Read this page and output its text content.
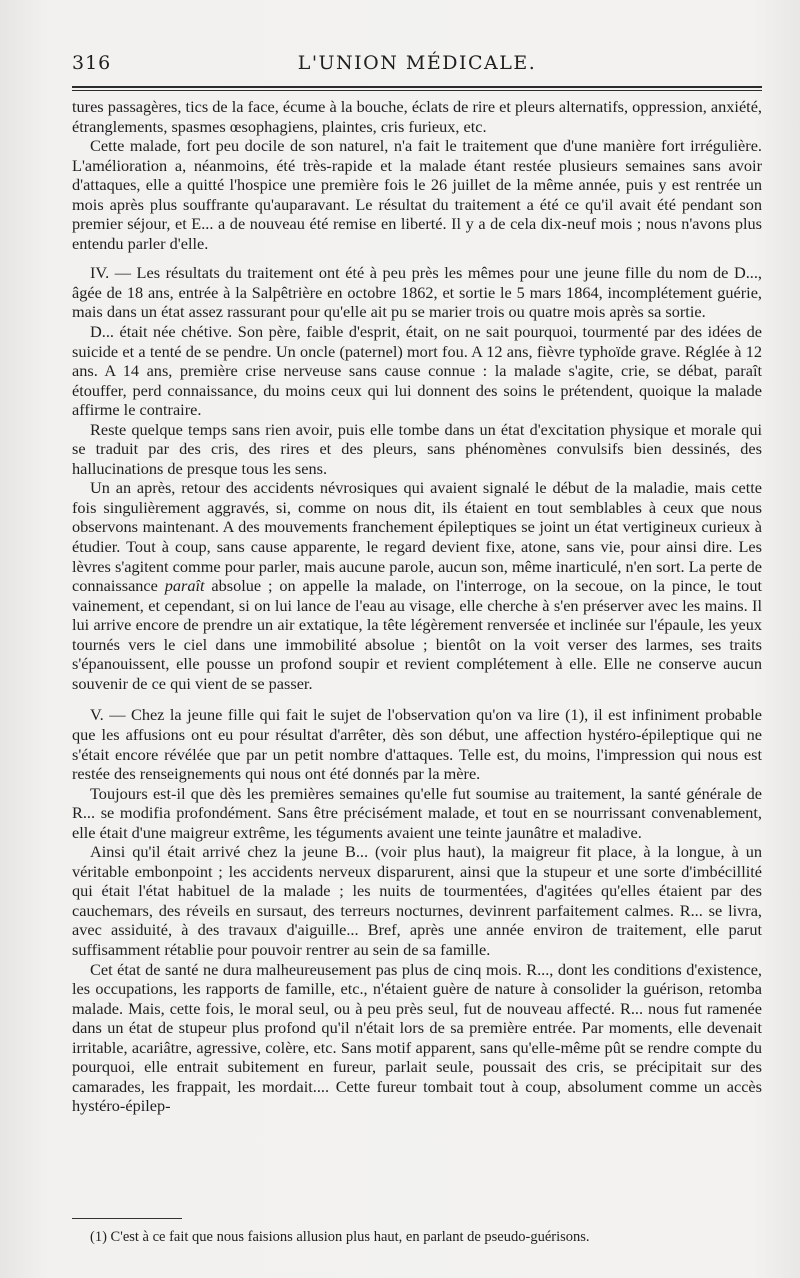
316	L'UNION MÉDICALE.

tures passagères, tics de la face, écume à la bouche, éclats de rire et pleurs alternatifs, oppression, anxiété, étranglements, spasmes œsophagiens, plaintes, cris furieux, etc.

Cette malade, fort peu docile de son naturel, n'a fait le traitement que d'une manière fort irrégulière. L'amélioration a, néanmoins, été très-rapide et la malade étant restée plusieurs semaines sans avoir d'attaques, elle a quitté l'hospice une première fois le 26 juillet de la même année, puis y est rentrée un mois après plus souffrante qu'auparavant. Le résultat du traitement a été ce qu'il avait été pendant son premier séjour, et E... a de nouveau été remise en liberté. Il y a de cela dix-neuf mois ; nous n'avons plus entendu parler d'elle.

IV. — Les résultats du traitement ont été à peu près les mêmes pour une jeune fille du nom de D..., âgée de 18 ans, entrée à la Salpêtrière en octobre 1862, et sortie le 5 mars 1864, incomplétement guérie, mais dans un état assez rassurant pour qu'elle ait pu se marier trois ou quatre mois après sa sortie.

D... était née chétive. Son père, faible d'esprit, était, on ne sait pourquoi, tourmenté par des idées de suicide et a tenté de se pendre. Un oncle (paternel) mort fou. A 12 ans, fièvre typhoïde grave. Réglée à 12 ans. A 14 ans, première crise nerveuse sans cause connue : la malade s'agite, crie, se débat, paraît étouffer, perd connaissance, du moins ceux qui lui donnent des soins le prétendent, quoique la malade affirme le contraire.

Reste quelque temps sans rien avoir, puis elle tombe dans un état d'excitation physique et morale qui se traduit par des cris, des rires et des pleurs, sans phénomènes convulsifs bien dessinés, des hallucinations de presque tous les sens.

Un an après, retour des accidents névrosiques qui avaient signalé le début de la maladie, mais cette fois singulièrement aggravés, si, comme on nous dit, ils étaient en tout semblables à ceux que nous observons maintenant. A des mouvements franchement épileptiques se joint un état vertigineux curieux à étudier. Tout à coup, sans cause apparente, le regard devient fixe, atone, sans vie, pour ainsi dire. Les lèvres s'agitent comme pour parler, mais aucune parole, aucun son, même inarticulé, n'en sort. La perte de connaissance paraît absolue ; on appelle la malade, on l'interroge, on la secoue, on la pince, le tout vainement, et cependant, si on lui lance de l'eau au visage, elle cherche à s'en préserver avec les mains. Il lui arrive encore de prendre un air extatique, la tête légèrement renversée et inclinée sur l'épaule, les yeux tournés vers le ciel dans une immobilité absolue ; bientôt on la voit verser des larmes, ses traits s'épanouissent, elle pousse un profond soupir et revient complétement à elle. Elle ne conserve aucun souvenir de ce qui vient de se passer.

V. — Chez la jeune fille qui fait le sujet de l'observation qu'on va lire (1), il est infiniment probable que les affusions ont eu pour résultat d'arrêter, dès son début, une affection hystéro-épileptique qui ne s'était encore révélée que par un petit nombre d'attaques. Telle est, du moins, l'impression qui nous est restée des renseignements qui nous ont été donnés par la mère.

Toujours est-il que dès les premières semaines qu'elle fut soumise au traitement, la santé générale de R... se modifia profondément. Sans être précisément malade, et tout en se nourrissant convenablement, elle était d'une maigreur extrême, les téguments avaient une teinte jaunâtre et maladive.

Ainsi qu'il était arrivé chez la jeune B... (voir plus haut), la maigreur fit place, à la longue, à un véritable embonpoint ; les accidents nerveux disparurent, ainsi que la stupeur et une sorte d'imbécillité qui était l'état habituel de la malade ; les nuits de tourmentées, d'agitées qu'elles étaient par des cauchemars, des réveils en sursaut, des terreurs nocturnes, devinrent parfaitement calmes. R... se livra, avec assiduité, à des travaux d'aiguille... Bref, après une année environ de traitement, elle parut suffisamment rétablie pour pouvoir rentrer au sein de sa famille.

Cet état de santé ne dura malheureusement pas plus de cinq mois. R..., dont les conditions d'existence, les occupations, les rapports de famille, etc., n'étaient guère de nature à consolider la guérison, retomba malade. Mais, cette fois, le moral seul, ou à peu près seul, fut de nouveau affecté. R... nous fut ramenée dans un état de stupeur plus profond qu'il n'était lors de sa première entrée. Par moments, elle devenait irritable, acariâtre, agressive, colère, etc. Sans motif apparent, sans qu'elle-même pût se rendre compte du pourquoi, elle entrait subitement en fureur, parlait seule, poussait des cris, se précipitait sur des camarades, les frappait, les mordait.... Cette fureur tombait tout à coup, absolument comme un accès hystéro-épilep-

(1) C'est à ce fait que nous faisions allusion plus haut, en parlant de pseudo-guérisons.
